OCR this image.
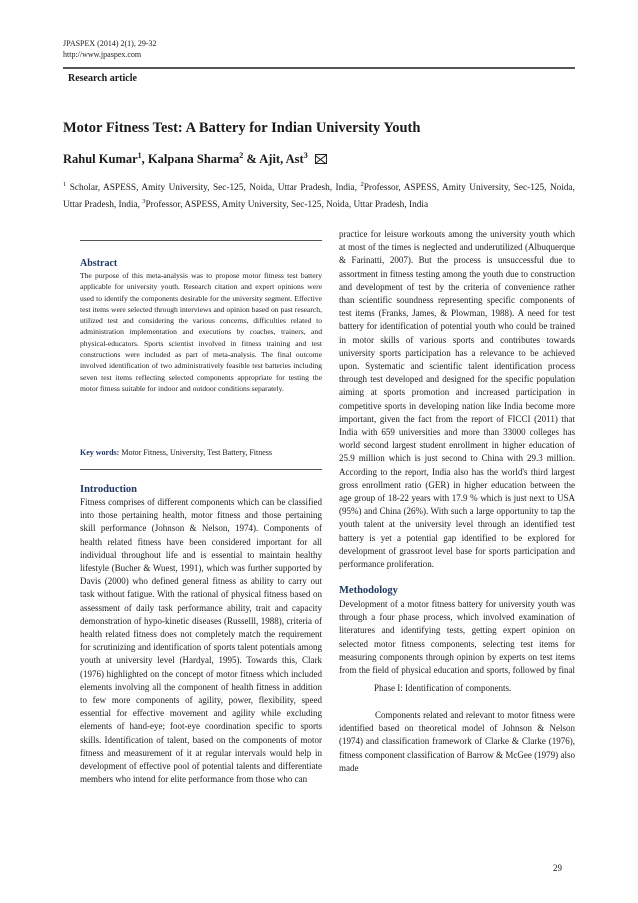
JPASPEX (2014) 2(1), 29-32
http://www.jpaspex.com
Research article
Motor Fitness Test: A Battery for Indian University Youth
Rahul Kumar$^1$, Kalpana Sharma$^2$ & Ajit, Ast$^3$
$^1$ Scholar, ASPESS, Amity University, Sec-125, Noida, Uttar Pradesh, India, $^2$Professor, ASPESS, Amity University, Sec-125, Noida, Uttar Pradesh, India, $^3$Professor, ASPESS, Amity University, Sec-125, Noida, Uttar Pradesh, India
Abstract
The purpose of this meta-analysis was to propose motor fitness test battery applicable for university youth. Research citation and expert opinions were used to identify the components desirable for the university segment. Effective test items were selected through interviews and opinion based on past research, utilized test and considering the various concerns, difficulties related to administration implementation and executions by coaches, trainers, and physical-educators. Sports scientist involved in fitness training and test constructions were included as part of meta-analysis. The final outcome involved identification of two administratively feasible test batteries including seven test items reflecting selected components appropriate for testing the motor fitness suitable for indoor and outdoor conditions separately.
Key words: Motor Fitness, University, Test Battery, Fitness
Introduction
Fitness comprises of different components which can be classified into those pertaining health, motor fitness and those pertaining skill performance (Johnson & Nelson, 1974). Components of health related fitness have been considered important for all individual throughout life and is essential to maintain healthy lifestyle (Bucher & Wuest, 1991), which was further supported by Davis (2000) who defined general fitness as ability to carry out task without fatigue. With the rational of physical fitness based on assessment of daily task performance ability, trait and capacity demonstration of hypo-kinetic diseases (Russelll, 1988), criteria of health related fitness does not completely match the requirement for scrutinizing and identification of sports talent potentials among youth at university level (Hardyal, 1995). Towards this, Clark (1976) highlighted on the concept of motor fitness which included elements involving all the component of health fitness in addition to few more components of agility, power, flexibility, speed essential for effective movement and agility while excluding elements of hand-eye; foot-eye coordination specific to sports skills. Identification of talent, based on the components of motor fitness and measurement of it at regular intervals would help in development of effective pool of potential talents and differentiate members who intend for elite performance from those who can
practice for leisure workouts among the university youth which at most of the times is neglected and underutilized (Albuquerque & Farinatti, 2007). But the process is unsuccessful due to assortment in fitness testing among the youth due to construction and development of test by the criteria of convenience rather than scientific soundness representing specific components of test items (Franks, James, & Plowman, 1988). A need for test battery for identification of potential youth who could be trained in motor skills of various sports and contributes towards university sports participation has a relevance to be achieved upon. Systematic and scientific talent identification process through test developed and designed for the specific population aiming at sports promotion and increased participation in competitive sports in developing nation like India become more important, given the fact from the report of FICCI (2011) that India with 659 universities and more than 33000 colleges has world second largest student enrollment in higher education of 25.9 million which is just second to China with 29.3 million. According to the report, India also has the world's third largest gross enrollment ratio (GER) in higher education between the age group of 18-22 years with 17.9 % which is just next to USA (95%) and China (26%). With such a large opportunity to tap the youth talent at the university level through an identified test battery is yet a potential gap identified to be explored for development of grassroot level base for sports participation and performance proliferation.
Methodology
Development of a motor fitness battery for university youth was through a four phase process, which involved examination of literatures and identifying tests, getting expert opinion on selected motor fitness components, selecting test items for measuring components through opinion by experts on test items from the field of physical education and sports, followed by final
Phase I: Identification of components.
Components related and relevant to motor fitness were identified based on theoretical model of Johnson & Nelson (1974) and classification framework of Clarke & Clarke (1976), fitness component classification of Barrow & McGee (1979) also made
29
